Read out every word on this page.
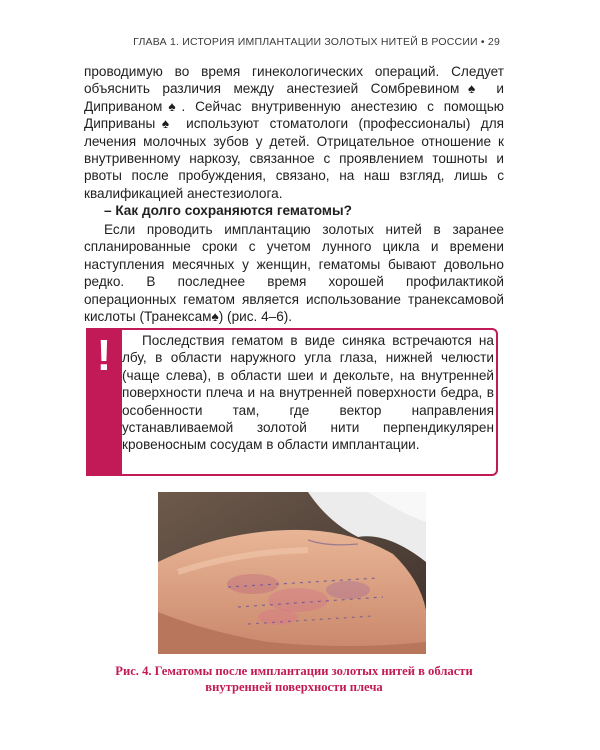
ГЛАВА 1. ИСТОРИЯ ИМПЛАНТАЦИИ ЗОЛОТЫХ НИТЕЙ В РОССИИ • 29
проводимую во время гинекологических операций. Следует объяснить различия между анестезией Сомбревином♠ и Диприваном♠. Сейчас внутривенную анестезию с помощью Диприваны♠ используют стоматологи (профессионалы) для лечения молочных зубов у детей. Отрицательное отношение к внутривенному наркозу, связанное с проявлением тошноты и рвоты после пробуждения, связано, на наш взгляд, лишь с квалификацией анестезиолога.
– Как долго сохраняются гематомы?
Если проводить имплантацию золотых нитей в заранее спланированные сроки с учетом лунного цикла и времени наступления месячных у женщин, гематомы бывают довольно редко. В последнее время хорошей профилактикой операционных гематом является использование транексамовой кислоты (Транексам♠) (рис. 4–6).
!	Последствия гематом в виде синяка встречаются на лбу, в области наружного угла глаза, нижней челюсти (чаще слева), в области шеи и декольте, на внутренней поверхности плеча и на внутренней поверхности бедра, в особенности там, где вектор направления устанавливаемой золотой нити перпендикулярен кровеносным сосудам в области имплантации.
Рис. 4. Гематомы после имплантации золотых нитей в области внутренней поверхности плеча
